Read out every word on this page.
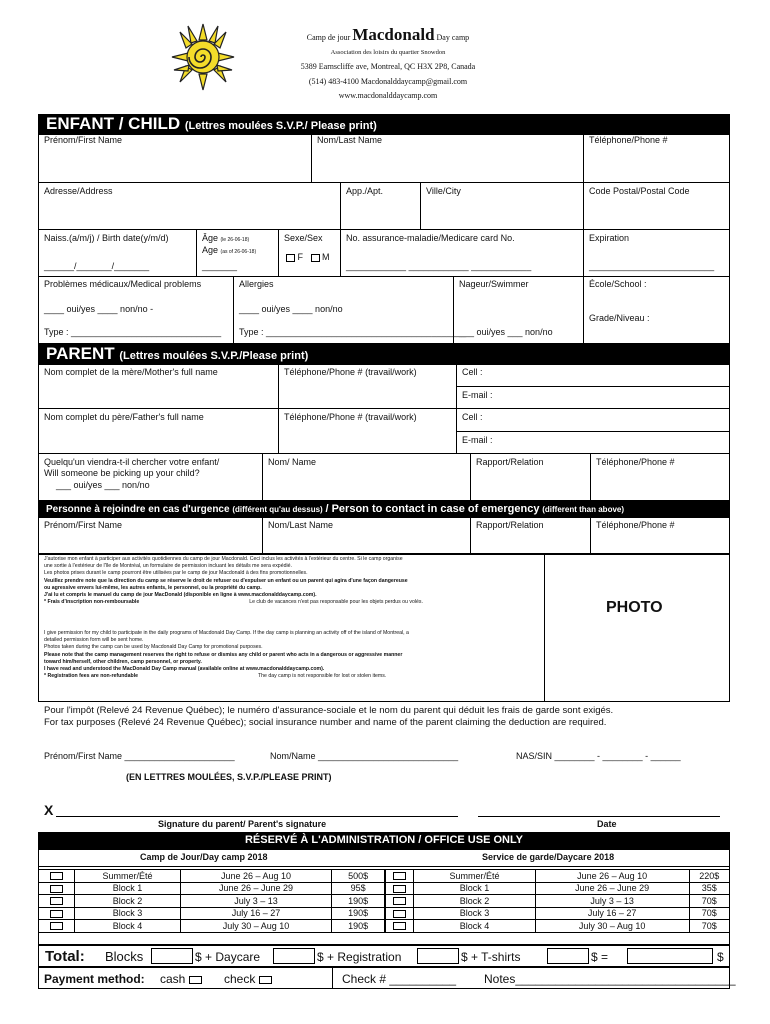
Camp de jour Macdonald Day camp
Association des loisirs du quartier Snowdon
5389 Earnscliffe ave, Montreal, QC H3X 2P8, Canada
(514) 483-4100 Macdonalddaycamp@gmail.com
www.macdonalddaycamp.com
ENFANT / CHILD (Lettres moulées S.V.P./ Please print)
Prénom/First Name	Nom/Last Name	Téléphone/Phone #
Adresse/Address	App./Apt.	Ville/City	Code Postal/Postal Code
Naiss.(a/m/j) / Birth date(y/m/d)
______/_______/_______
Âge (le 26-06-18)
Age (as of 26-06-18)
_______
Sexe/Sex
F    M
No. assurance-maladie/Medicare card No.
____________ ____________ ____________
Expiration
_________________________
Problèmes médicaux/Medical problems
____ oui/yes ____ non/no -
Type : ______________________________
Allergies
____ oui/yes ____ non/no
Type : ________________________________________
Nageur/Swimmer
___ oui/yes ___ non/no
École/School :
Grade/Niveau :
PARENT (Lettres moulées S.V.P./Please print)
Nom complet de la mère/Mother's full name	Téléphone/Phone # (travail/work)	Cell :
E-mail :
Nom complet du père/Father's full name	Téléphone/Phone # (travail/work)	Cell :
E-mail :
Quelqu'un viendra-t-il chercher votre enfant/
Will someone be picking up your child?
___ oui/yes ___ non/no
Nom/ Name	Rapport/Relation	Téléphone/Phone #
Personne à rejoindre en cas d'urgence (différent qu'au dessus) / Person to contact in case of emergency (different than above)
Prénom/First Name	Nom/Last Name	Rapport/Relation	Téléphone/Phone #
J'autorise mon enfant à participer aux activités quotidiennes du camp de jour Macdonald. Ceci inclus les activités à l'extérieur du centre. Si le camp organise
une sortie à l'extérieur de l'île de Montréal, un formulaire de permission incluant les détails me sera expédié.
Les photos prises durant le camp pourront être utilisées par le camp de jour Macdonald à des fins promotionnelles.
Veuillez prendre note que la direction du camp se réserve le droit de refuser ou d'expulser un enfant ou un parent qui agira d'une façon dangereuse
ou agressive envers lui-même, les autres enfants, le personnel, ou la propriété du camp.
J'ai lu et compris le manuel du camp de jour MacDonald (disponible en ligne à www.macdonalddaycamp.com).
* Frais d'inscription non-remboursable	Le club de vacances n'est pas responsable pour les objets perdus ou volés.
I give permission for my child to participate in the daily programs of Macdonald Day Camp. If the day camp is planning an activity off of the island of Montreal, a
detailed permission form will be sent home.
Photos taken during the camp can be used by Macdonald Day Camp for promotional purposes.
Please note that the camp management reserves the right to refuse or dismiss any child or parent who acts in a dangerous or aggressive manner
toward him/herself, other children, camp personnel, or property.
I have read and understood the MacDonald Day Camp manual (available online at www.macdonalddaycamp.com).
* Registration fees are non-refundable	The day camp is not responsible for lost or stolen items.
PHOTO
Pour l'impôt (Relevé 24 Revenue Québec); le numéro d'assurance-sociale et le nom du parent qui déduit les frais de garde sont exigés.
For tax purposes (Relevé 24 Revenue Québec); social insurance number and name of the parent claiming the deduction are required.
Prénom/First Name ______________________	Nom/Name ____________________________	NAS/SIN ________ - ________ - ______
(EN LETTRES MOULÉES, S.V.P./PLEASE PRINT)
X
Signature du parent/ Parent's signature	Date
RÉSERVÉ À L'ADMINISTRATION / OFFICE USE ONLY
Camp de Jour/Day camp 2018	Service de garde/Daycare 2018
	Summer/Été	June 26 – Aug 10	500$
	Block 1	June 26 – June 29	95$
	Block 2	July 3 – 13	190$
	Block 3	July 16 – 27	190$
	Block 4	July 30 – Aug 10	190$
	Summer/Été	June 26 – Aug 10	220$
	Block 1	June 26 – June 29	35$
	Block 2	July 3 – 13	70$
	Block 3	July 16 – 27	70$
	Block 4	July 30 – Aug 10	70$
Total: Blocks	$ + Daycare	$ + Registration	$ + T-shirts	$ =	$
Payment method: cash	check	Check # __________ Notes_________________________________
